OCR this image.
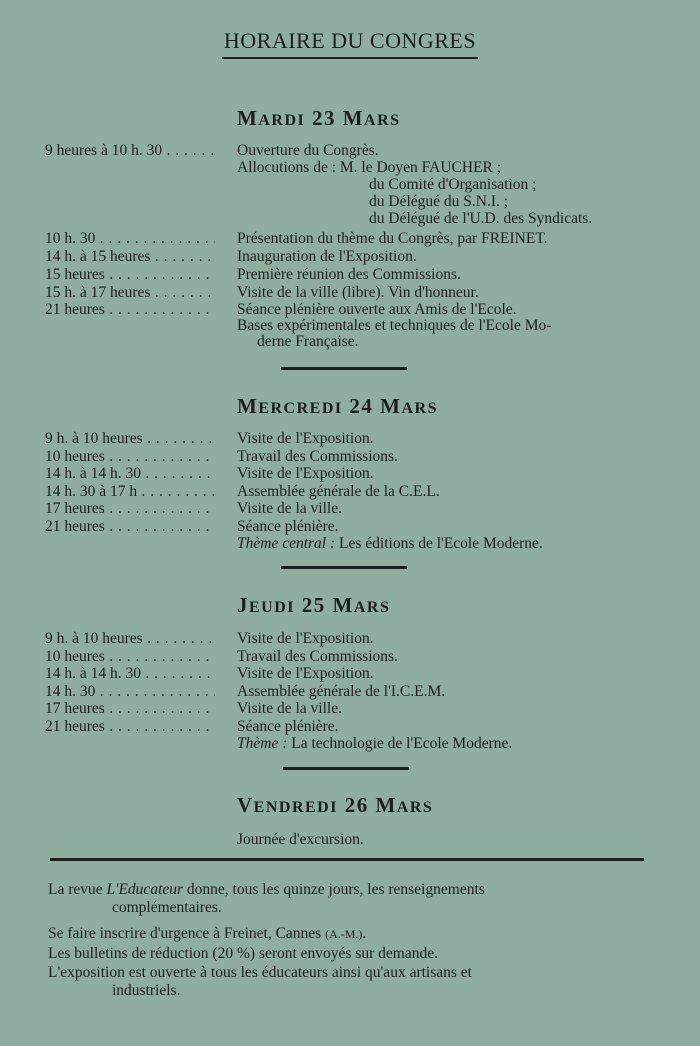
HORAIRE DU CONGRES
MARDI 23 MARS
9 heures à 10 h. 30 . . .	Ouverture du Congrès.
Allocutions de : M. le Doyen FAUCHER ;
du Comité d'Organisation ;
du Délégué du S.N.I. ;
du Délégué de l'U.D. des Syndicats.
10 h. 30 . . .	Présentation du thème du Congrès, par FREINET.
14 h. à 15 heures . . .	Inauguration de l'Exposition.
15 heures . . .	Première réunion des Commissions.
15 h. à 17 heures . . .	Visite de la ville (libre). Vin d'honneur.
21 heures . . .	Séance plénière ouverte aux Amis de l'Ecole.
Bases expérimentales et techniques de l'Ecole Mo-
derne Française.
MERCREDI 24 MARS
9 h. à 10 heures . . .	Visite de l'Exposition.
10 heures . . .	Travail des Commissions.
14 h. à 14 h. 30 . . .	Visite de l'Exposition.
14 h. 30 à 17 h . . .	Assemblée générale de la C.E.L.
17 heures . . .	Visite de la ville.
21 heures . . .	Séance plénière.
Thème central : Les éditions de l'Ecole Moderne.
JEUDI 25 MARS
9 h. à 10 heures . . .	Visite de l'Exposition.
10 heures . . .	Travail des Commissions.
14 h. à 14 h. 30 . . .	Visite de l'Exposition.
14 h. 30 . . .	Assemblée générale de l'I.C.E.M.
17 heures . . .	Visite de la ville.
21 heures . . .	Séance plénière.
Thème : La technologie de l'Ecole Moderne.
VENDREDI 26 MARS
Journée d'excursion.
La revue L'Educateur donne, tous les quinze jours, les renseignements
complémentaires.
Se faire inscrire d'urgence à Freinet, Cannes (A.-M.).
Les bulletins de réduction (20 %) seront envoyés sur demande.
L'exposition est ouverte à tous les éducateurs ainsi qu'aux artisans et
industriels.
